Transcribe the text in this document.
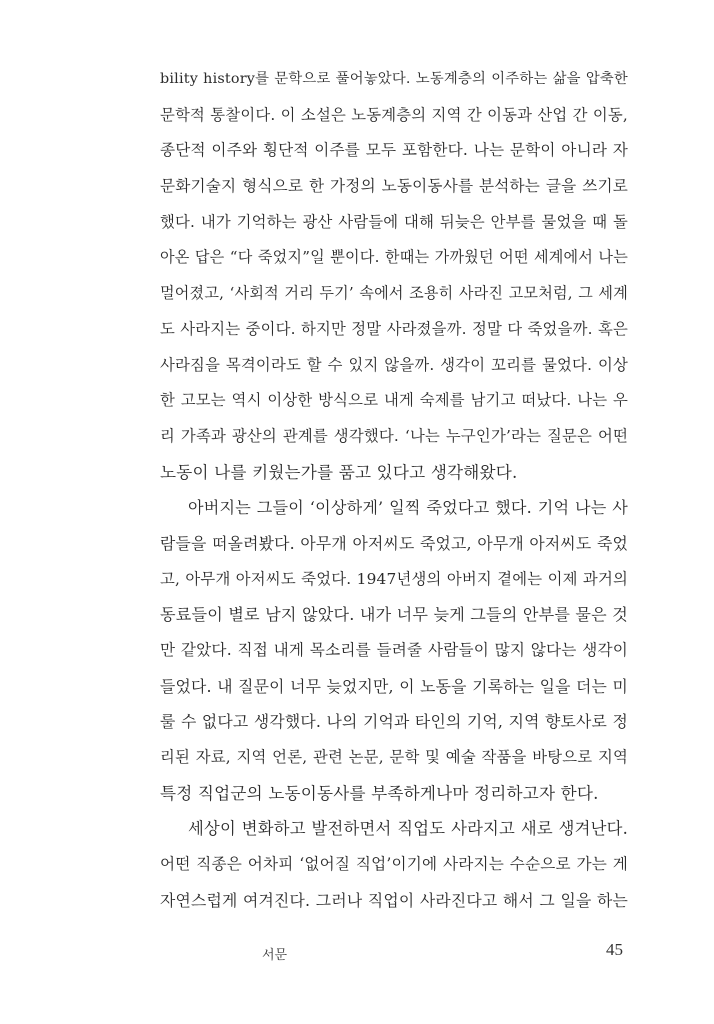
bility history를 문학으로 풀어놓았다. 노동계층의 이주하는 삶을 압축한
문학적 통찰이다. 이 소설은 노동계층의 지역 간 이동과 산업 간 이동,
종단적 이주와 횡단적 이주를 모두 포함한다. 나는 문학이 아니라 자
문화기술지 형식으로 한 가정의 노동이동사를 분석하는 글을 쓰기로
했다. 내가 기억하는 광산 사람들에 대해 뒤늦은 안부를 물었을 때 돌
아온 답은 “다 죽었지”일 뿐이다. 한때는 가까웠던 어떤 세계에서 나는
멀어졌고, ‘사회적 거리 두기’ 속에서 조용히 사라진 고모처럼, 그 세계
도 사라지는 중이다. 하지만 정말 사라졌을까. 정말 다 죽었을까. 혹은
사라짐을 목격이라도 할 수 있지 않을까. 생각이 꼬리를 물었다. 이상
한 고모는 역시 이상한 방식으로 내게 숙제를 남기고 떠났다. 나는 우
리 가족과 광산의 관계를 생각했다. ‘나는 누구인가’라는 질문은 어떤
노동이 나를 키웠는가를 품고 있다고 생각해왔다.
아버지는 그들이 ‘이상하게’ 일찍 죽었다고 했다. 기억 나는 사
람들을 떠올려봤다. 아무개 아저씨도 죽었고, 아무개 아저씨도 죽었
고, 아무개 아저씨도 죽었다. 1947년생의 아버지 곁에는 이제 과거의
동료들이 별로 남지 않았다. 내가 너무 늦게 그들의 안부를 물은 것
만 같았다. 직접 내게 목소리를 들려줄 사람들이 많지 않다는 생각이
들었다. 내 질문이 너무 늦었지만, 이 노동을 기록하는 일을 더는 미
룰 수 없다고 생각했다. 나의 기억과 타인의 기억, 지역 향토사로 정
리된 자료, 지역 언론, 관련 논문, 문학 및 예술 작품을 바탕으로 지역
특정 직업군의 노동이동사를 부족하게나마 정리하고자 한다.
세상이 변화하고 발전하면서 직업도 사라지고 새로 생겨난다.
어떤 직종은 어차피 ‘없어질 직업’이기에 사라지는 수순으로 가는 게
자연스럽게 여겨진다. 그러나 직업이 사라진다고 해서 그 일을 하는
서문	45
